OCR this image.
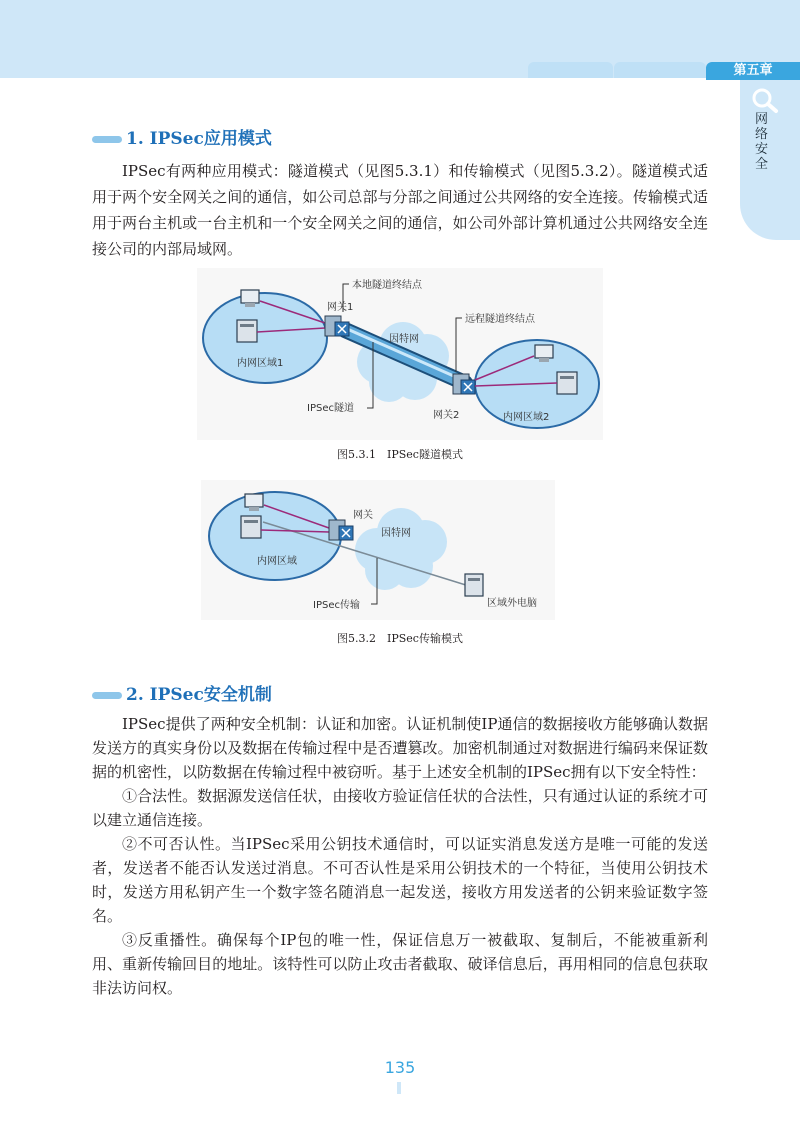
第五章
网络安全
1. IPSec应用模式

IPSec有两种应用模式：隧道模式（见图5.3.1）和传输模式（见图5.3.2）。隧道模式适用于两个安全网关之间的通信，如公司总部与分部之间通过公共网络的安全连接。传输模式适用于两台主机或一台主机和一个安全网关之间的通信，如公司外部计算机通过公共网络安全连接公司的内部局域网。

本地隧道终结点
网关1
因特网
远程隧道终结点
内网区域1
IPSec隧道
网关2	内网区域2
图5.3.1　IPSec隧道模式
网关
因特网
内网区域
IPSec传输	区域外电脑
图5.3.2　IPSec传输模式
2. IPSec安全机制

IPSec提供了两种安全机制：认证和加密。认证机制使IP通信的数据接收方能够确认数据发送方的真实身份以及数据在传输过程中是否遭篡改。加密机制通过对数据进行编码来保证数据的机密性，以防数据在传输过程中被窃听。基于上述安全机制的IPSec拥有以下安全特性：

①合法性。数据源发送信任状，由接收方验证信任状的合法性，只有通过认证的系统才可以建立通信连接。

②不可否认性。当IPSec采用公钥技术通信时，可以证实消息发送方是唯一可能的发送者，发送者不能否认发送过消息。不可否认性是采用公钥技术的一个特征，当使用公钥技术时，发送方用私钥产生一个数字签名随消息一起发送，接收方用发送者的公钥来验证数字签名。

③反重播性。确保每个IP包的唯一性，保证信息万一被截取、复制后，不能被重新利用、重新传输回目的地址。该特性可以防止攻击者截取、破译信息后，再用相同的信息包获取非法访问权。

135
